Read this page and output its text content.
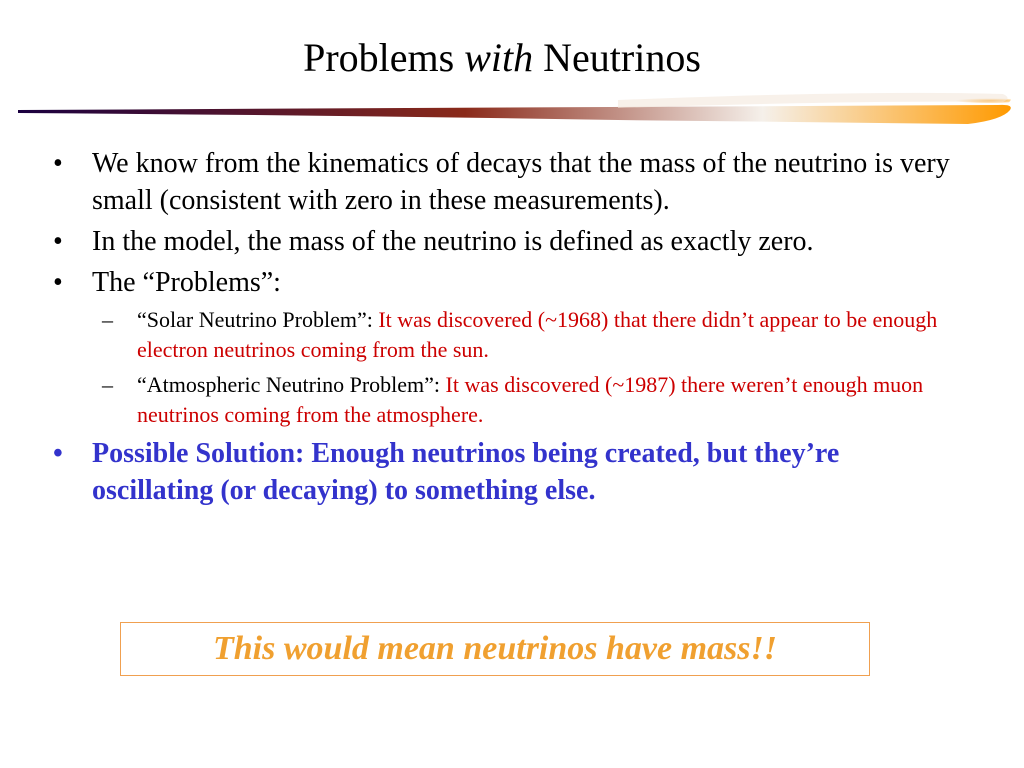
Problems with Neutrinos
• We know from the kinematics of decays that the mass of the neutrino is very small (consistent with zero in these measurements).
• In the model, the mass of the neutrino is defined as exactly zero.
• The “Problems”:
– “Solar Neutrino Problem”: It was discovered (~1968) that there didn’t appear to be enough electron neutrinos coming from the sun.
– “Atmospheric Neutrino Problem”: It was discovered (~1987) there weren’t enough muon neutrinos coming from the atmosphere.
• Possible Solution: Enough neutrinos being created, but they’re oscillating (or decaying) to something else.
This would mean neutrinos have mass!!
